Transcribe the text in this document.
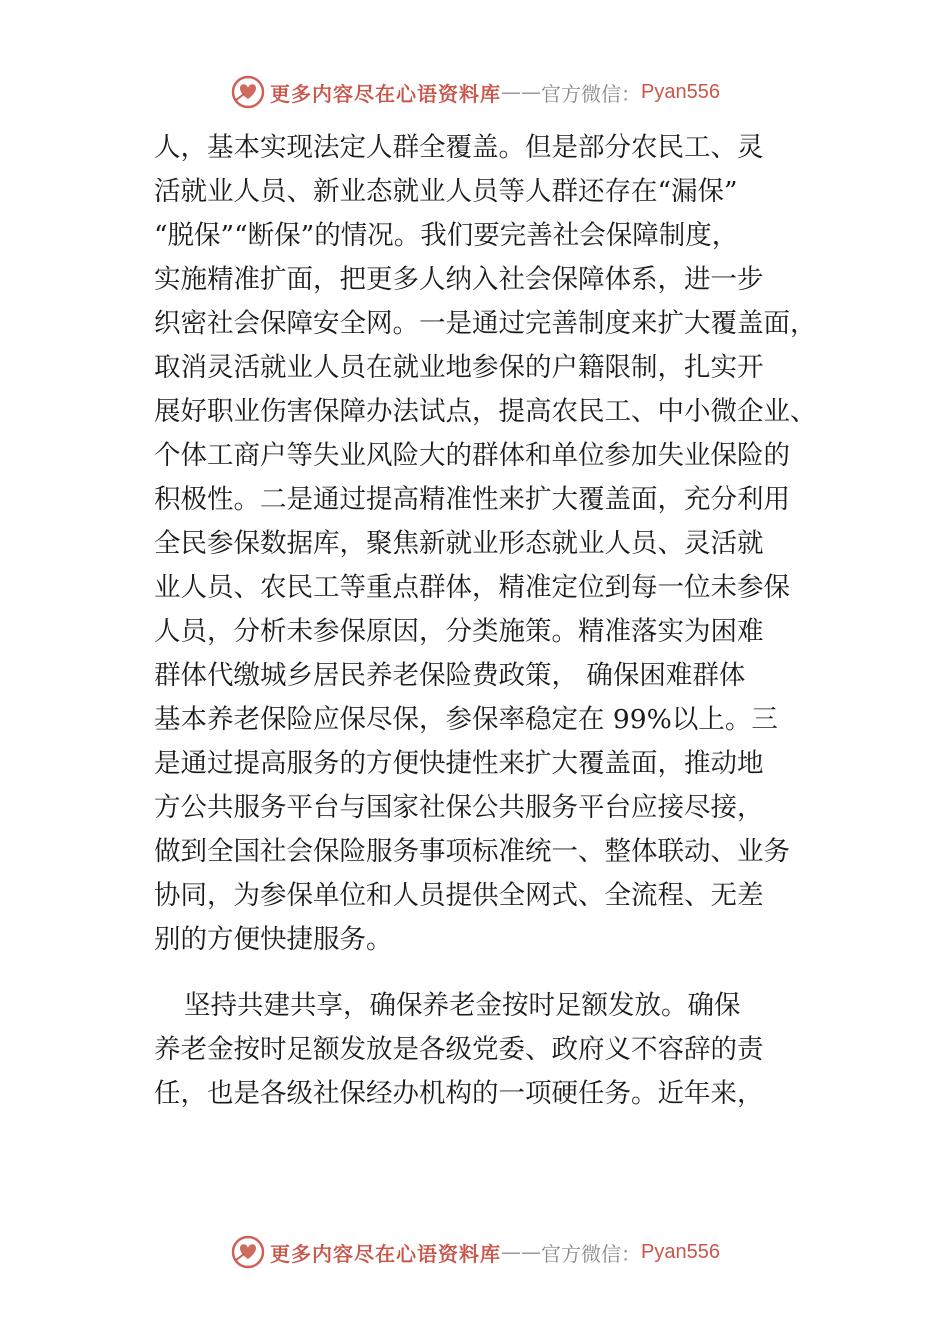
更多内容尽在心语资料库 —— 官方微信： Pyan556
人，基本实现法定人群全覆盖。但是部分农民工、灵
活就业人员、新业态就业人员等人群还存在“漏保”
“脱保”“断保”的情况。我们要完善社会保障制度，
实施精准扩面，把更多人纳入社会保障体系，进一步
织密社会保障安全网。一是通过完善制度来扩大覆盖面，
取消灵活就业人员在就业地参保的户籍限制，扎实开
展好职业伤害保障办法试点，提高农民工、中小微企业、
个体工商户等失业风险大的群体和单位参加失业保险的
积极性。二是通过提高精准性来扩大覆盖面，充分利用
全民参保数据库，聚焦新就业形态就业人员、灵活就
业人员、农民工等重点群体，精准定位到每一位未参保
人员，分析未参保原因，分类施策。精准落实为困难
群体代缴城乡居民养老保险费政策， 确保困难群体
基本养老保险应保尽保，参保率稳定在 99%以上。三
是通过提高服务的方便快捷性来扩大覆盖面，推动地
方公共服务平台与国家社保公共服务平台应接尽接，
做到全国社会保险服务事项标准统一、整体联动、业务
协同，为参保单位和人员提供全网式、全流程、无差
别的方便快捷服务。
坚持共建共享，确保养老金按时足额发放。确保
养老金按时足额发放是各级党委、政府义不容辞的责
任，也是各级社保经办机构的一项硬任务。近年来，
更多内容尽在心语资料库 —— 官方微信： Pyan556
